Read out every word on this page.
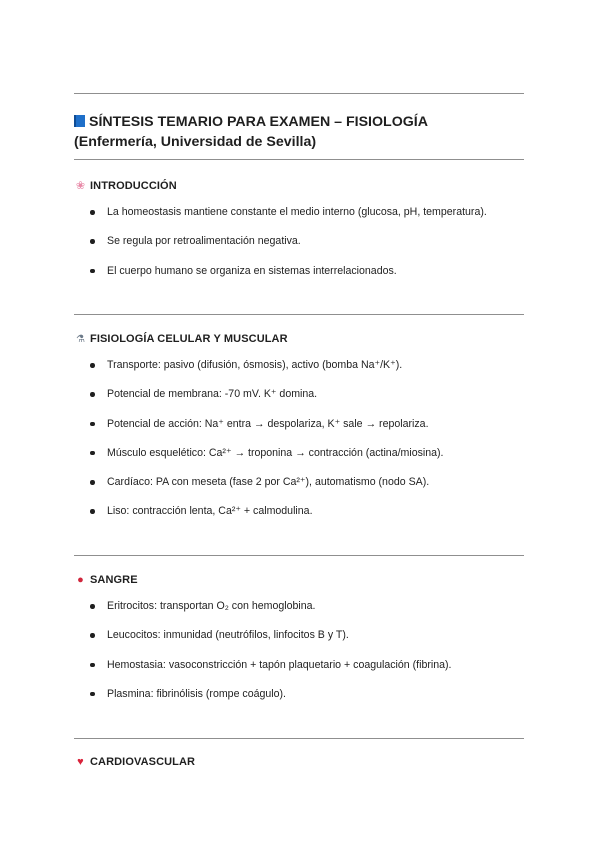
SÍNTESIS TEMARIO PARA EXAMEN – FISIOLOGÍA (Enfermería, Universidad de Sevilla)
❀ INTRODUCCIÓN
La homeostasis mantiene constante el medio interno (glucosa, pH, temperatura).
Se regula por retroalimentación negativa.
El cuerpo humano se organiza en sistemas interrelacionados.
⚗ FISIOLOGÍA CELULAR Y MUSCULAR
Transporte: pasivo (difusión, ósmosis), activo (bomba Na⁺/K⁺).
Potencial de membrana: -70 mV. K⁺ domina.
Potencial de acción: Na⁺ entra → despolariza, K⁺ sale → repolariza.
Músculo esquelético: Ca²⁺ → troponina → contracción (actina/miosina).
Cardíaco: PA con meseta (fase 2 por Ca²⁺), automatismo (nodo SA).
Liso: contracción lenta, Ca²⁺ + calmodulina.
● SANGRE
Eritrocitos: transportan O₂ con hemoglobina.
Leucocitos: inmunidad (neutrófilos, linfocitos B y T).
Hemostasia: vasoconstricción + tapón plaquetario + coagulación (fibrina).
Plasmina: fibrinólisis (rompe coágulo).
♥ CARDIOVASCULAR
